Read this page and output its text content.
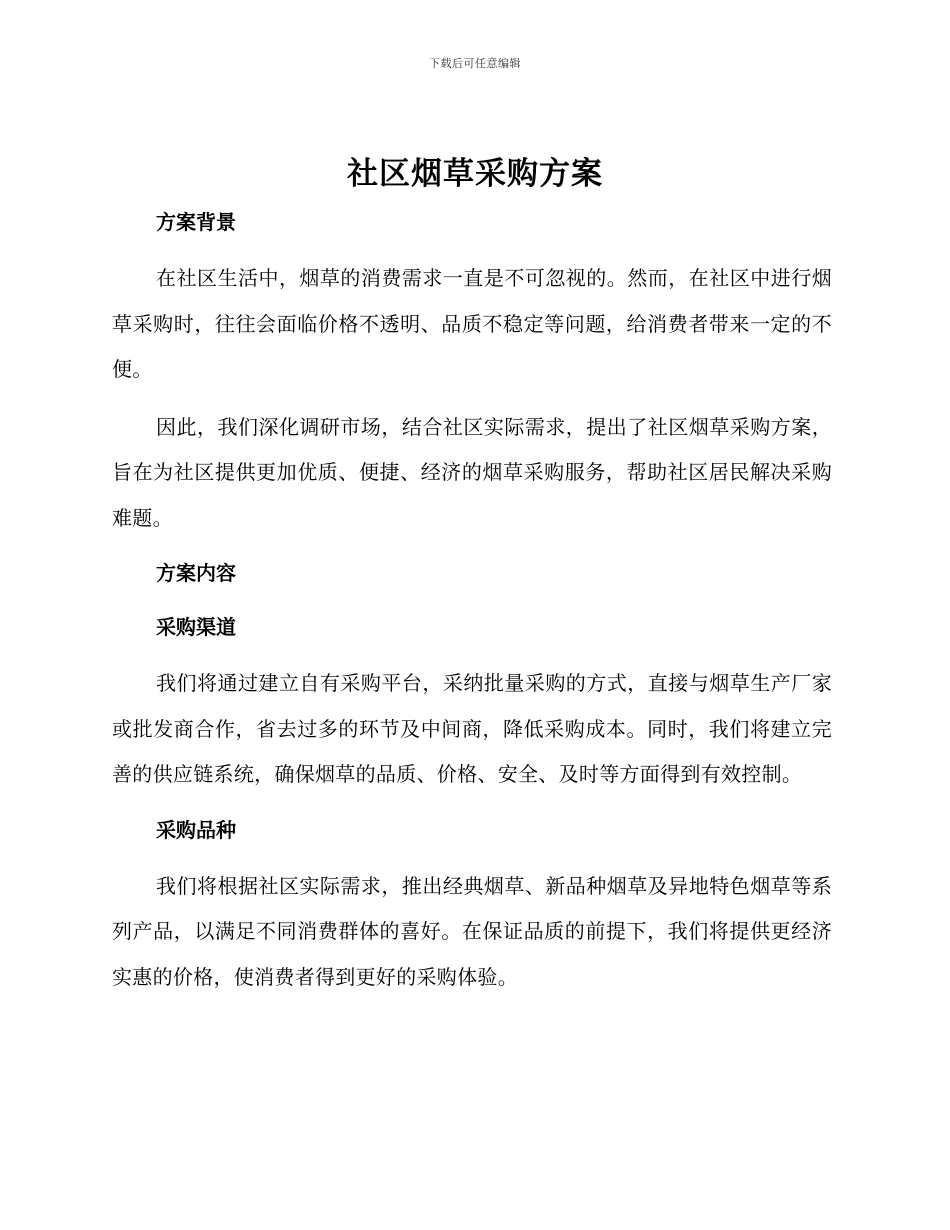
下载后可任意编辑
社区烟草采购方案
方案背景

在社区生活中，烟草的消费需求一直是不可忽视的。然而，在社区中进行烟草采购时，往往会面临价格不透明、品质不稳定等问题，给消费者带来一定的不便。

因此，我们深化调研市场，结合社区实际需求，提出了社区烟草采购方案，旨在为社区提供更加优质、便捷、经济的烟草采购服务，帮助社区居民解决采购难题。

方案内容
采购渠道

我们将通过建立自有采购平台，采纳批量采购的方式，直接与烟草生产厂家或批发商合作，省去过多的环节及中间商，降低采购成本。同时，我们将建立完善的供应链系统，确保烟草的品质、价格、安全、及时等方面得到有效控制。

采购品种

我们将根据社区实际需求，推出经典烟草、新品种烟草及异地特色烟草等系列产品，以满足不同消费群体的喜好。在保证品质的前提下，我们将提供更经济实惠的价格，使消费者得到更好的采购体验。
